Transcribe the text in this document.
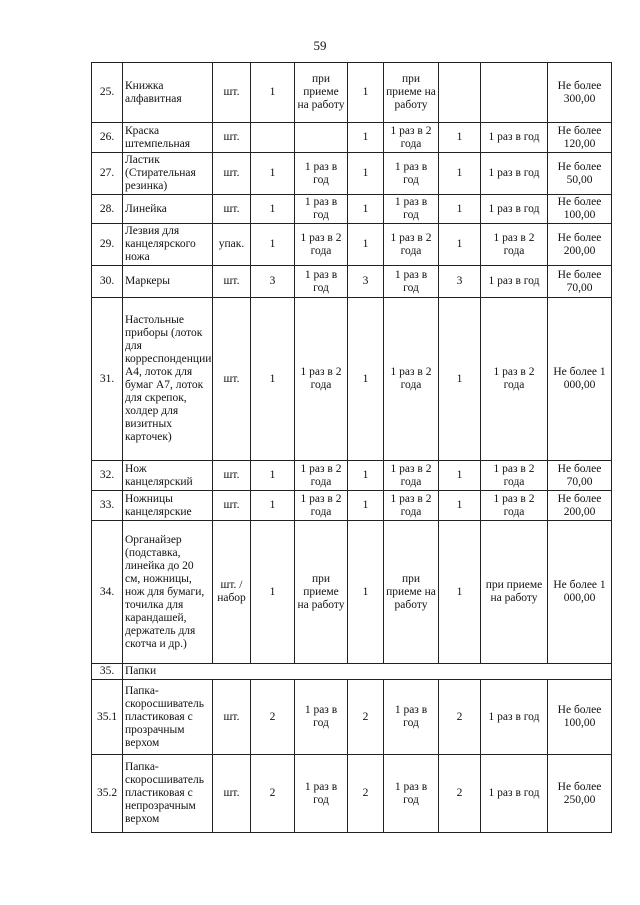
59
25.	Книжка алфавитная	шт.	1	при приеме на работу	1	при приеме на работу			Не более 300,00
26.	Краска штемпельная	шт.			1	1 раз в 2 года	1	1 раз в год	Не более 120,00
27.	Ластик (Стирательная резинка)	шт.	1	1 раз в год	1	1 раз в год	1	1 раз в год	Не более 50,00
28.	Линейка	шт.	1	1 раз в год	1	1 раз в год	1	1 раз в год	Не более 100,00
29.	Лезвия для канцелярского ножа	упак.	1	1 раз в 2 года	1	1 раз в 2 года	1	1 раз в 2 года	Не более 200,00
30.	Маркеры	шт.	3	1 раз в год	3	1 раз в год	3	1 раз в год	Не более 70,00
31.	Настольные приборы (лоток для корреспонденции А4, лоток для бумаг А7, лоток для скрепок, холдер для визитных карточек)	шт.	1	1 раз в 2 года	1	1 раз в 2 года	1	1 раз в 2 года	Не более 1 000,00
32.	Нож канцелярский	шт.	1	1 раз в 2 года	1	1 раз в 2 года	1	1 раз в 2 года	Не более 70,00
33.	Ножницы канцелярские	шт.	1	1 раз в 2 года	1	1 раз в 2 года	1	1 раз в 2 года	Не более 200,00
34.	Органайзер (подставка, линейка до 20 см, ножницы, нож для бумаги, точилка для карандашей, держатель для скотча и др.)	шт. / набор	1	при приеме на работу	1	при приеме на работу	1	при приеме на работу	Не более 1 000,00
35.	Папки								
35.1	Папка-скоросшиватель пластиковая с прозрачным верхом	шт.	2	1 раз в год	2	1 раз в год	2	1 раз в год	Не более 100,00
35.2	Папка-скоросшиватель пластиковая с непрозрачным верхом	шт.	2	1 раз в год	2	1 раз в год	2	1 раз в год	Не более 250,00
